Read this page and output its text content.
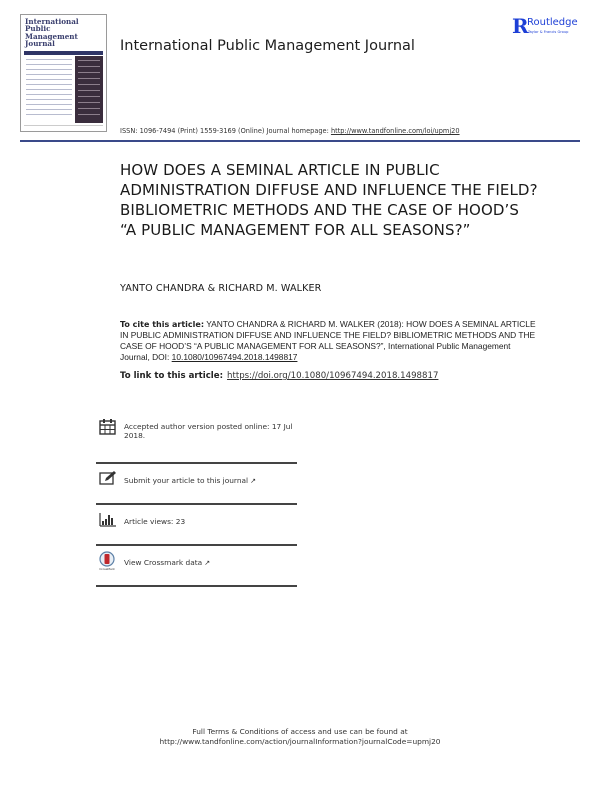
International
Public
Management
Journal	International Public Management Journal
R
Routledge
Taylor & Francis Group
ISSN: 1096-7494 (Print) 1559-3169 (Online) Journal homepage: http://www.tandfonline.com/loi/upmj20
HOW DOES A SEMINAL ARTICLE IN PUBLIC ADMINISTRATION DIFFUSE AND INFLUENCE THE FIELD? BIBLIOMETRIC METHODS AND THE CASE OF HOOD’S “A PUBLIC MANAGEMENT FOR ALL SEASONS?”
YANTO CHANDRA & RICHARD M. WALKER
To cite this article: YANTO CHANDRA & RICHARD M. WALKER (2018): HOW DOES A SEMINAL ARTICLE IN PUBLIC ADMINISTRATION DIFFUSE AND INFLUENCE THE FIELD? BIBLIOMETRIC METHODS AND THE CASE OF HOOD’S “A PUBLIC MANAGEMENT FOR ALL SEASONS?”, International Public Management Journal, DOI: 10.1080/10967494.2018.1498817
To link to this article: https://doi.org/10.1080/10967494.2018.1498817
Accepted author version posted online: 17 Jul 2018.
Submit your article to this journal ↗
Article views: 23
CrossMark
View Crossmark data ↗
Full Terms & Conditions of access and use can be found at
http://www.tandfonline.com/action/journalInformation?journalCode=upmj20
